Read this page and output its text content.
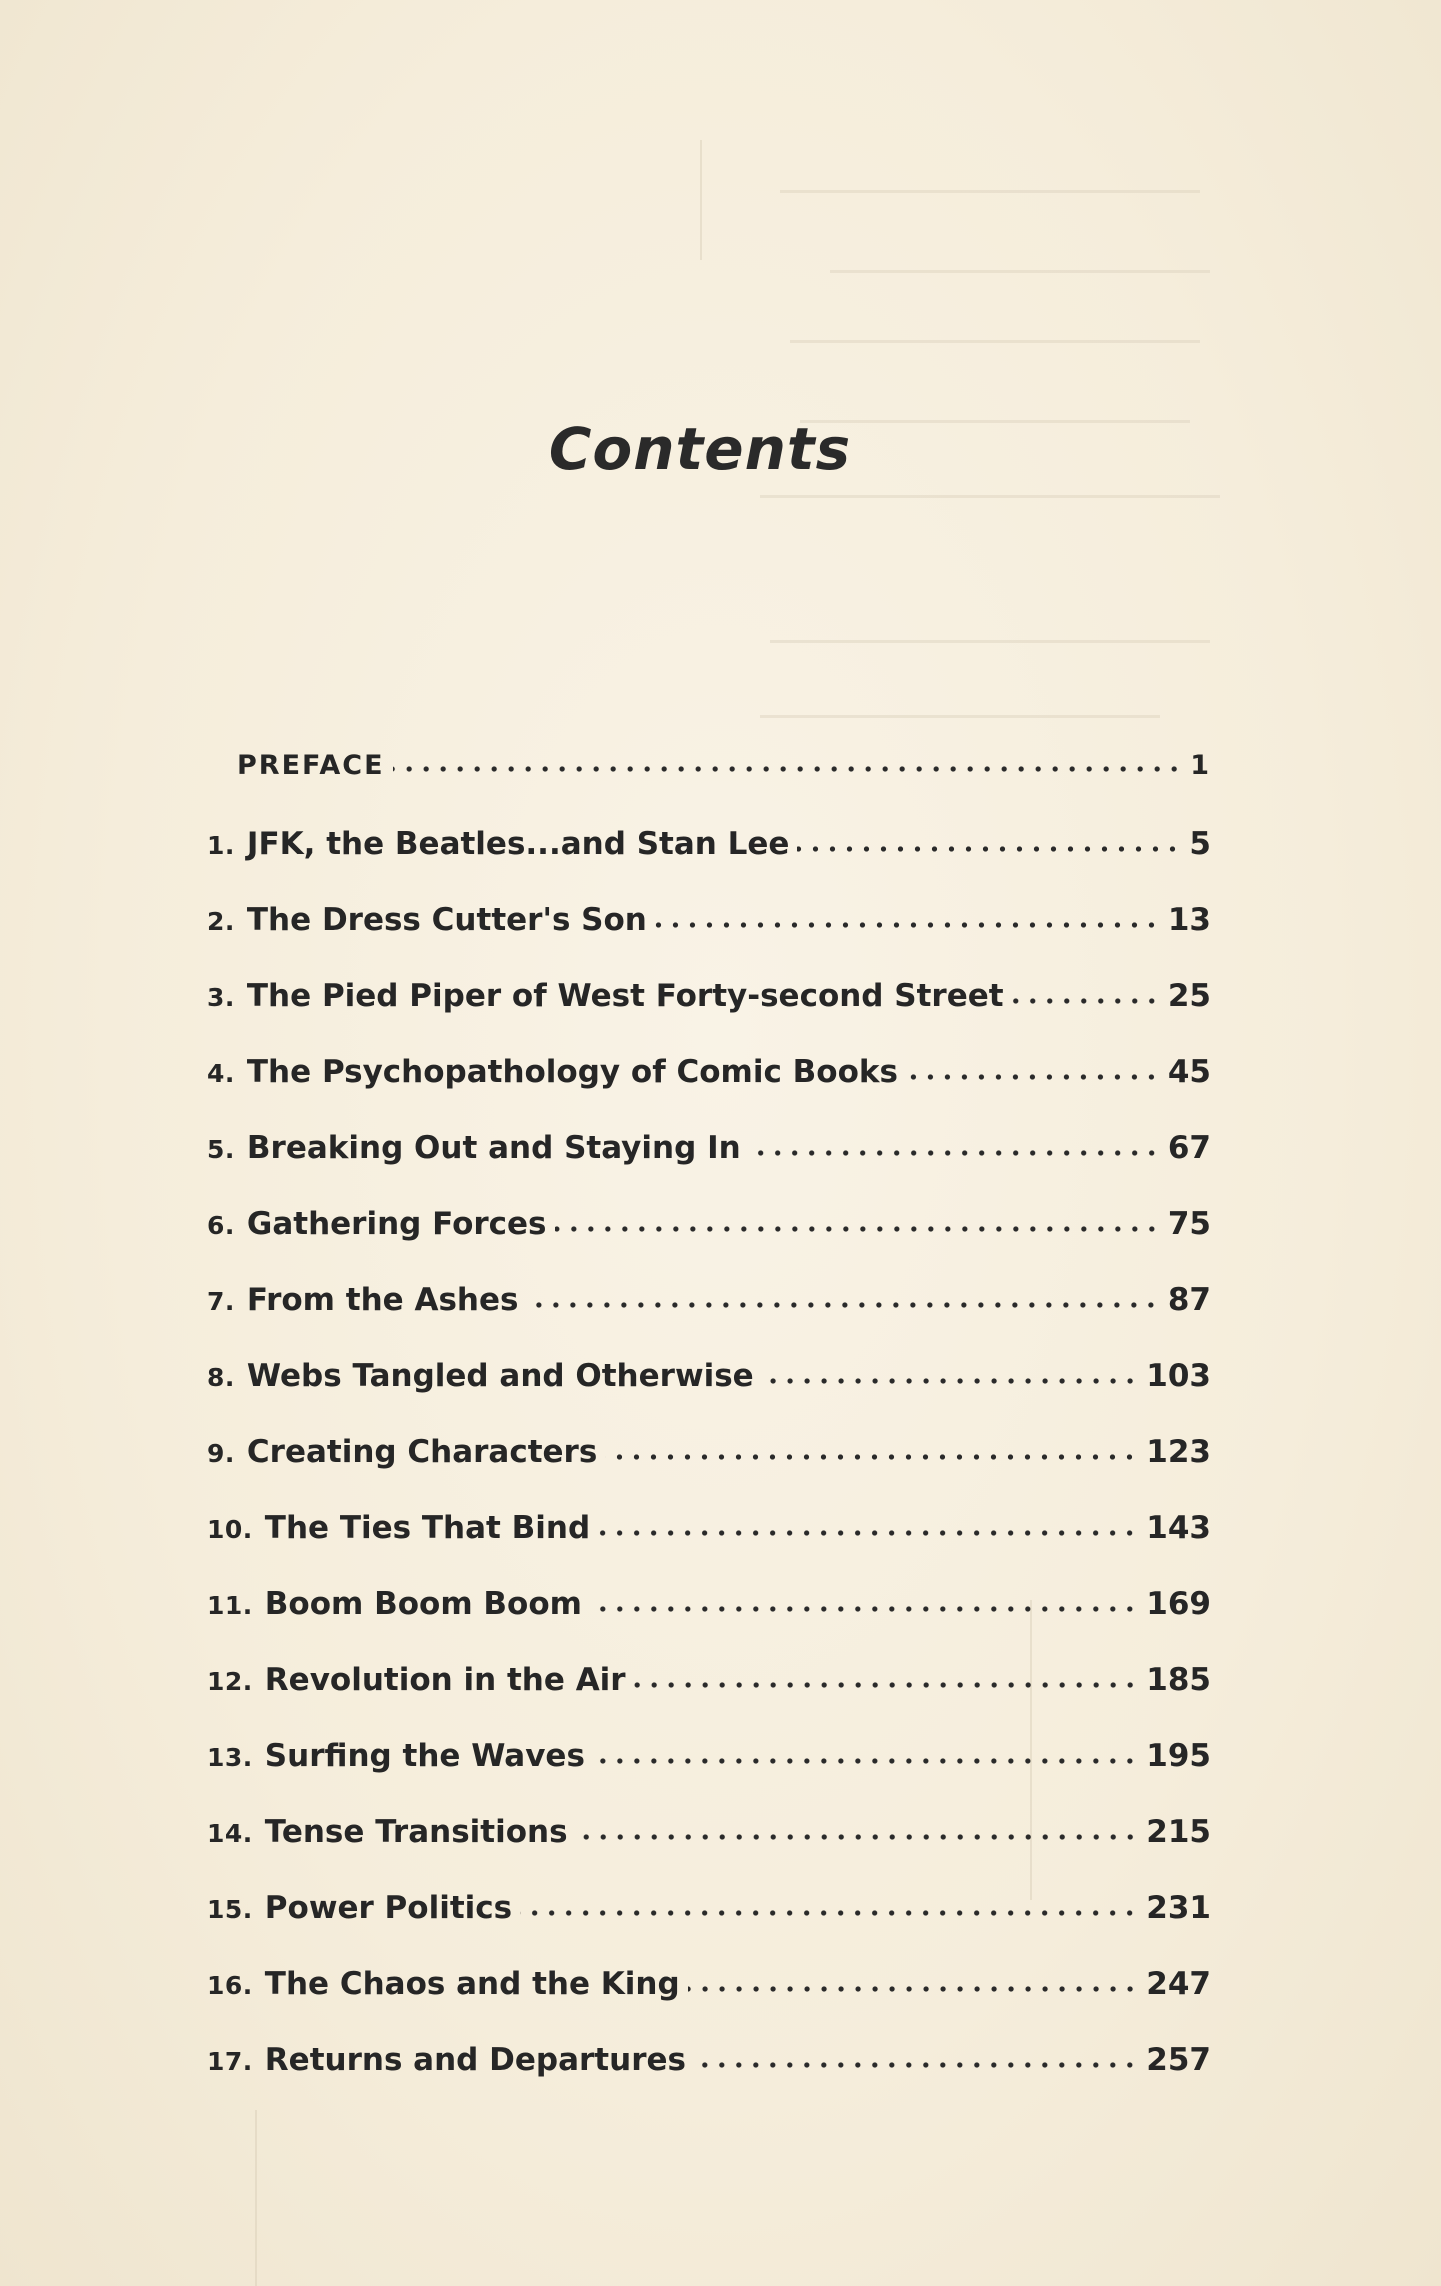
Contents
PREFACE	1
1. JFK, the Beatles...and Stan Lee	5
2. The Dress Cutter's Son	13
3. The Pied Piper of West Forty-second Street	25
4. The Psychopathology of Comic Books	45
5. Breaking Out and Staying In	67
6. Gathering Forces	75
7. From the Ashes	87
8. Webs Tangled and Otherwise	103
9. Creating Characters	123
10. The Ties That Bind	143
11. Boom Boom Boom	169
12. Revolution in the Air	185
13. Surfing the Waves	195
14. Tense Transitions	215
15. Power Politics	231
16. The Chaos and the King	247
17. Returns and Departures	257
